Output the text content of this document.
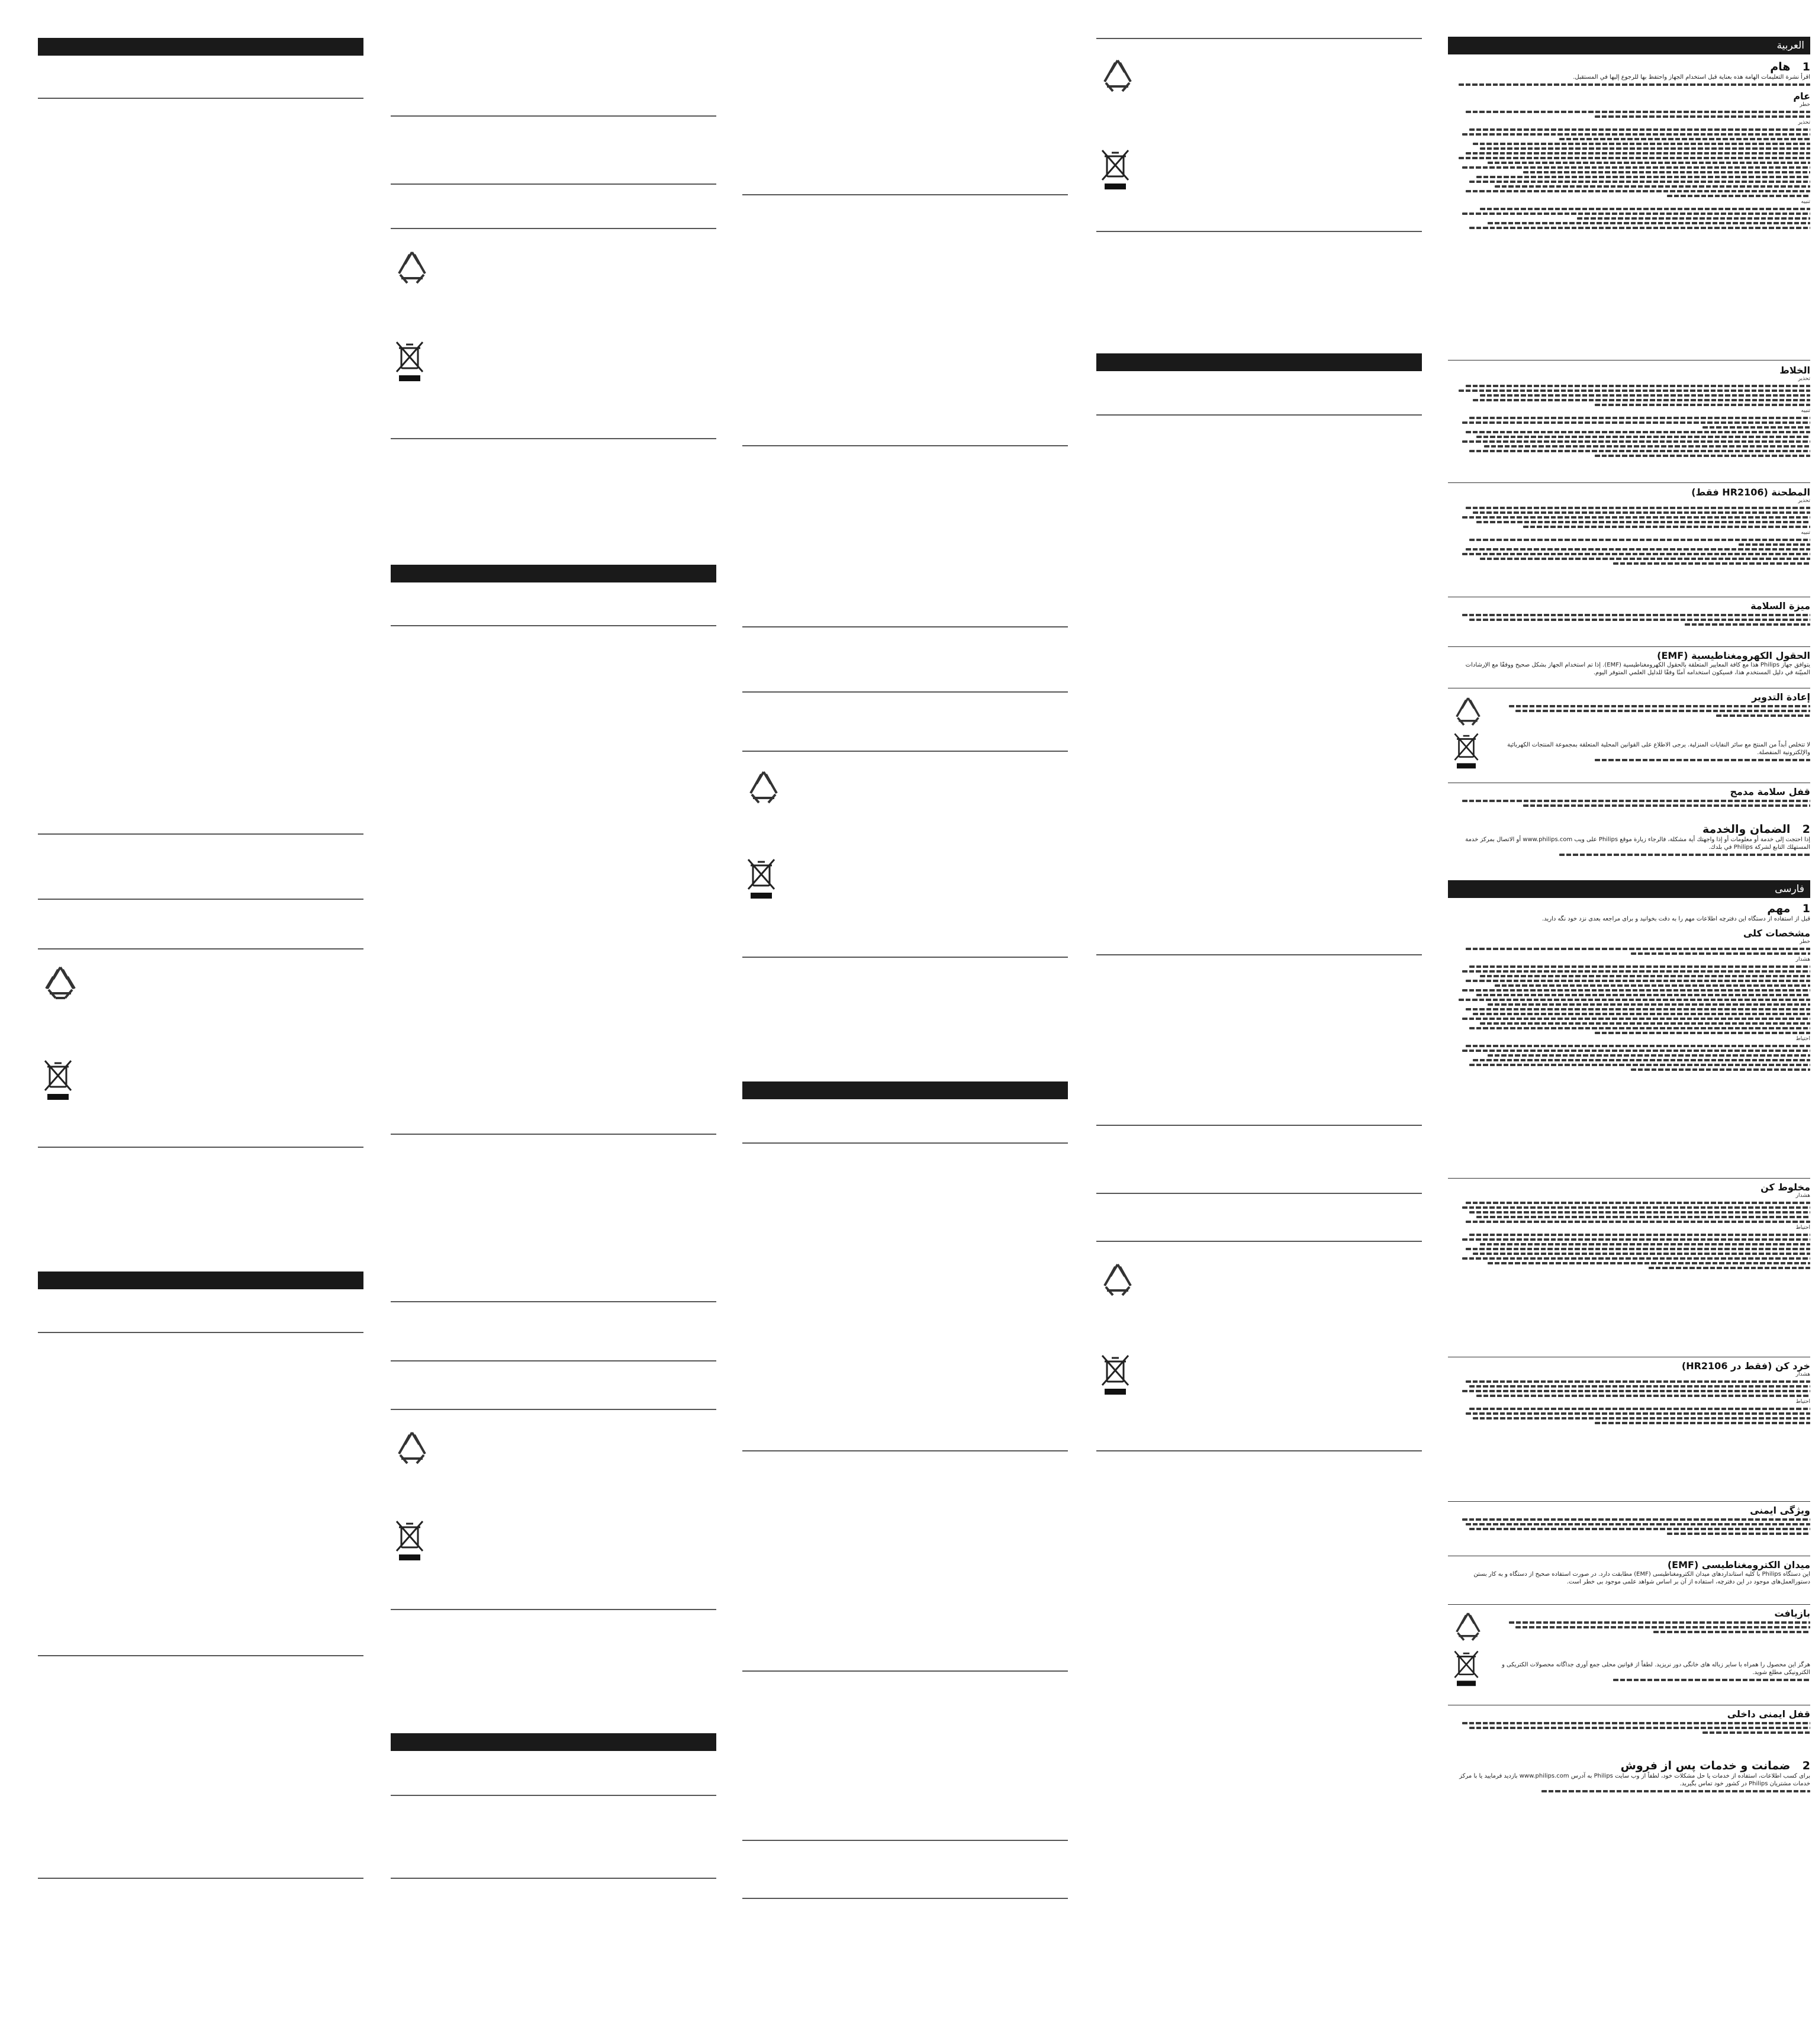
العربية
1    هام

اقرأ نشرة التعليمات الهامة هذه بعناية قبل استخدام الجهاز واحتفظ بها للرجوع إليها في المستقبل.

عام

خطر

تحذير

تنبيه

الخلاط

تحذير

تنبيه

المطحنة (HR2106 فقط)

تحذير

تنبيه

ميزة السلامة
الحقول الكهرومغناطيسية (EMF)

يتوافق جهاز Philips هذا مع كافة المعايير المتعلقة بالحقول الكهرومغناطيسية (EMF). إذا تم استخدام الجهاز بشكل صحيح ووفقًا مع الإرشادات المبيّنة في دليل المستخدم هذا، فسيكون استخدامه آمنًا وفقًا للدليل العلمي المتوفر اليوم.

إعادة التدوير

لا تتخلص أبداً من المنتج مع سائر النفايات المنزلية. يرجى الاطلاع على القوانين المحلية المتعلقة بمجموعة المنتجات الكهربائية والإلكترونية المنفصلة.

قفل سلامة مدمج
2    الضمان والخدمة

إذا احتجت إلى خدمة أو معلومات أو إذا واجهتك أية مشكلة، فالرجاء زيارة موقع Philips على ويب www.philips.com أو الاتصال بمركز خدمة المستهلك التابع لشركة Philips في بلدك.

فارسی
1    مهم

قبل از استفاده از دستگاه این دفترچه اطلاعات مهم را به دقت بخوانید و برای مراجعه بعدی نزد خود نگه دارید.

مشخصات کلی

خطر

هشدار

احتیاط

مخلوط کن

هشدار

احتیاط

خرد کن (فقط در HR2106)

هشدار

احتیاط

ویژگی ایمنی
میدان الکترومغناطیسی (EMF)

این دستگاه Philips با کلیه استانداردهای میدان الکترومغناطیسی (EMF) مطابقت دارد. در صورت استفاده صحیح از دستگاه و به کار بستن دستورالعمل‌های موجود در این دفترچه، استفاده از آن بر اساس شواهد علمی موجود بی خطر است.

بازیافت

هرگز این محصول را همراه با سایر زباله های خانگی دور نریزید. لطفاً از قوانین محلی جمع آوری جداگانه محصولات الکتریکی و الکترونیکی مطلع شوید.

قفل ایمنی داخلی
2    ضمانت و خدمات پس از فروش

برای کسب اطلاعات، استفاده از خدمات یا حل مشکلات خود، لطفاً از وب سایت Philips به آدرس www.philips.com بازدید فرمایید یا با مرکز خدمات مشتریان Philips در کشور خود تماس بگیرید.
